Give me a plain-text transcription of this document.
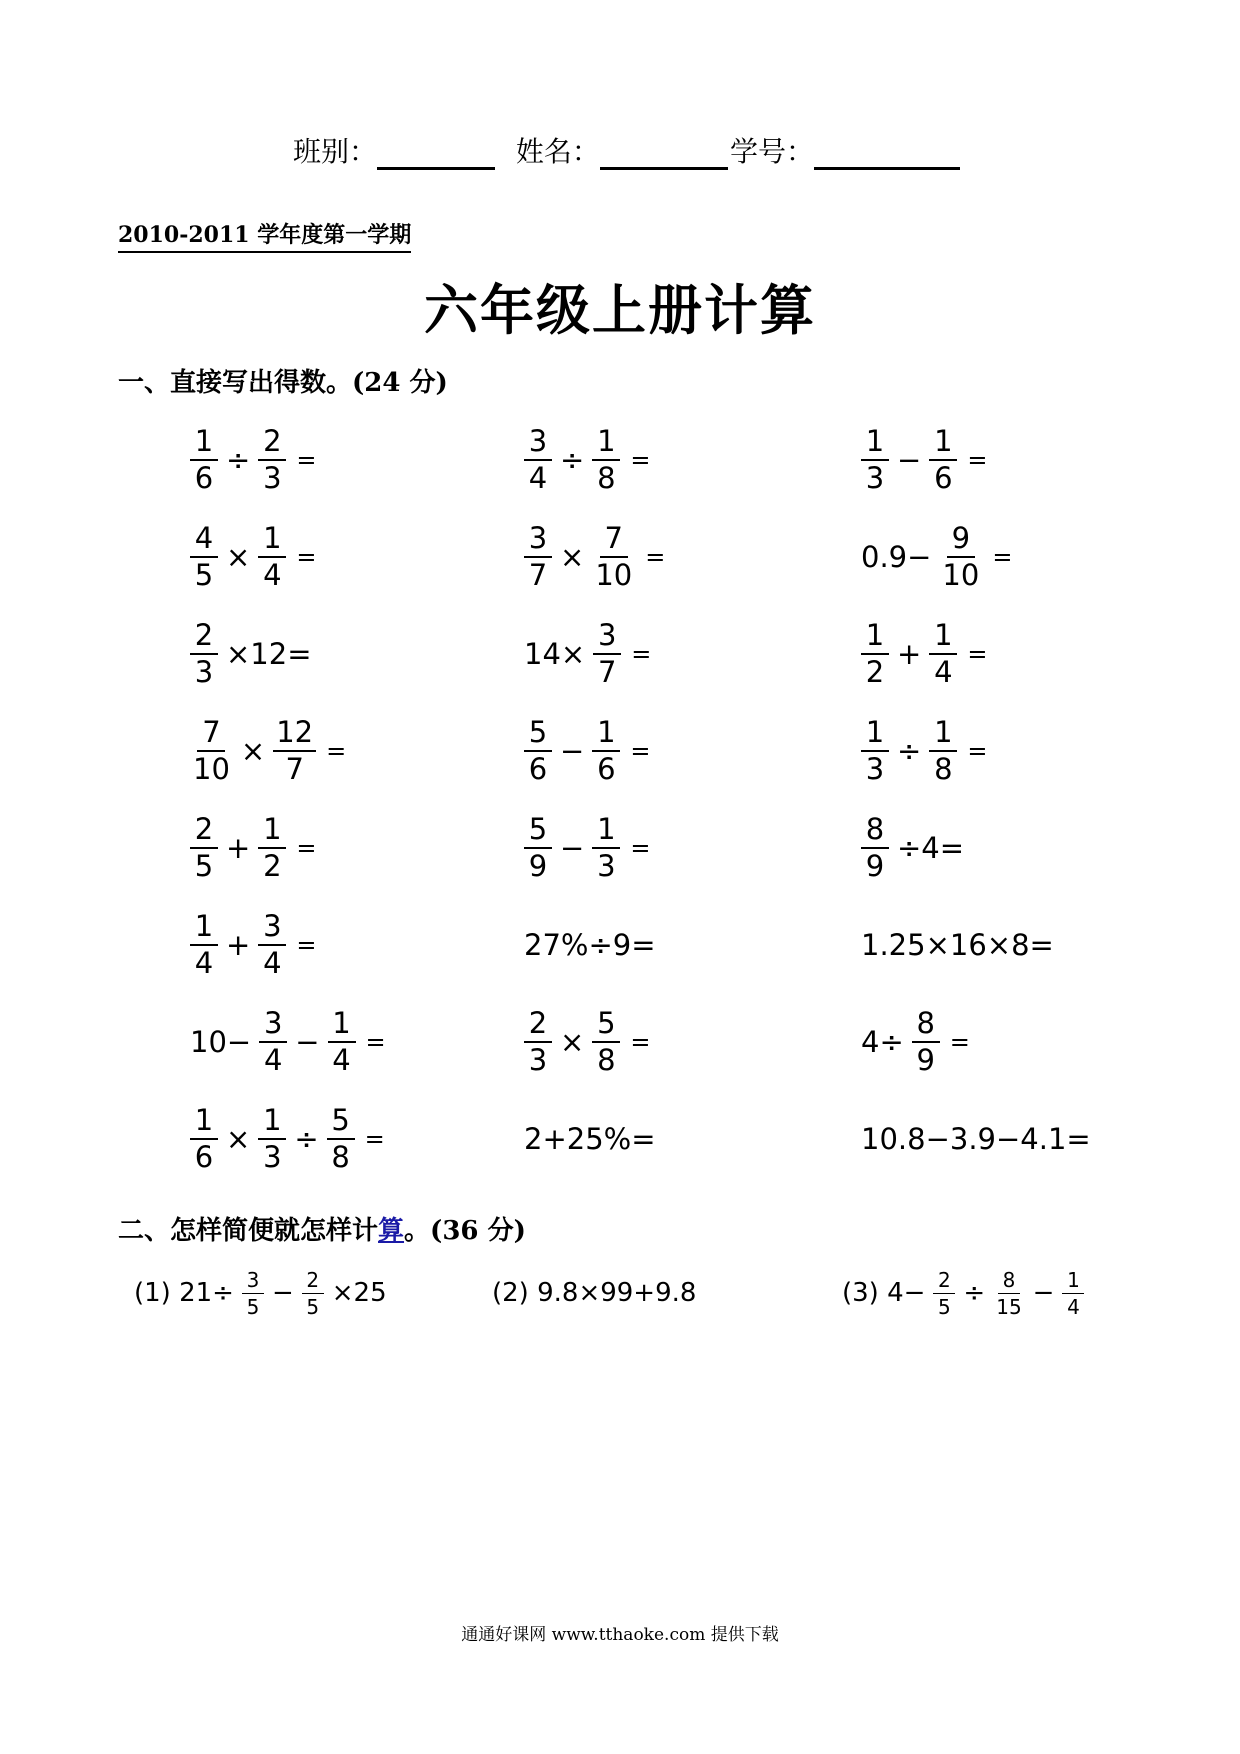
班别：	姓名：	学号：
2010-2011 学年度第一学期
六年级上册计算
一、直接写出得数。(24 分)
$\frac{1}{6} \div \frac{2}{3}$ =	$\frac{3}{4} \div \frac{1}{8}$ =	$\frac{1}{3} - \frac{1}{6}$ =
$\frac{4}{5} \times \frac{1}{4}$ =	$\frac{3}{7} \times \frac{7}{10}$ =	$0.9- \frac{9}{10}$ =
$\frac{2}{3} \times 12=$	$14\times \frac{3}{7}$ =	$\frac{1}{2} + \frac{1}{4}$ =
$\frac{7}{10} \times \frac{12}{7}$ =	$\frac{5}{6} - \frac{1}{6}$ =	$\frac{1}{3} \div \frac{1}{8}$ =
$\frac{2}{5} + \frac{1}{2}$ =	$\frac{5}{9} - \frac{1}{3}$ =	$\frac{8}{9} \div 4=$
$\frac{1}{4} + \frac{3}{4}$ =	27%÷9=	1.25×16×8=
$10- \frac{3}{4} - \frac{1}{4}$ =	$\frac{2}{3} \times \frac{5}{8}$ =	$4\div \frac{8}{9}$ =
$\frac{1}{6} \times \frac{1}{3} \div \frac{5}{8}$ =	2+25%=	10.8−3.9−4.1=
二、怎样简便就怎样计算。(36 分)
(1) $21\div \frac{3}{5} - \frac{2}{5} \times 25$	(2) 9.8×99+9.8	(3) $4- \frac{2}{5} \div \frac{8}{15} - \frac{1}{4}$
通通好课网 www.tthaoke.com 提供下载
